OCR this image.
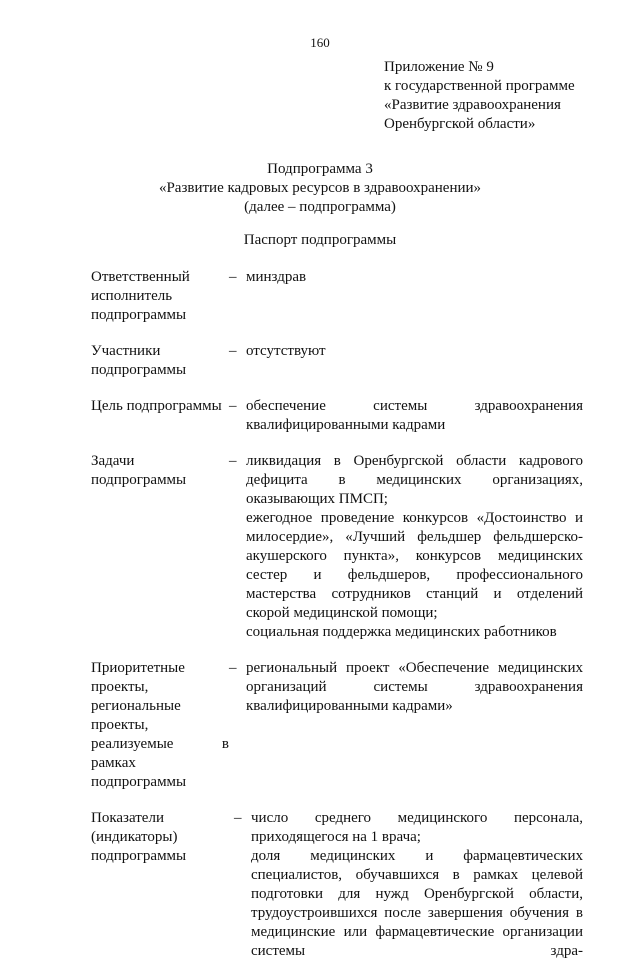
160
Приложение № 9
к государственной программе
«Развитие здравоохранения
Оренбургской области»
Подпрограмма 3
«Развитие кадровых ресурсов в здравоохранении»
(далее – подпрограмма)
Паспорт подпрограммы
Ответственный исполнитель подпрограммы
– минздрав

Участники подпрограммы
– отсутствуют

Цель подпрограммы – обеспечение системы здравоохранения квалифицированными кадрами

Задачи подпрограммы
– ликвидация в Оренбургской области кадрового дефицита в медицинских организациях, оказывающих ПМСП;

ежегодное проведение конкурсов «Достоинство и милосердие», «Лучший фельдшер фельдшерско-акушерского пункта», конкурсов медицинских сестер и фельдшеров, профессионального мастерства сотрудников станций и отделений скорой медицинской помощи;

социальная поддержка медицинских работников

Приоритетные проекты, региональные проекты, реализуемые в рамках подпрограммы
– региональный проект «Обеспечение медицинских организаций системы здравоохранения квалифицированными кадрами»

Показатели (индикаторы) подпрограммы
– число среднего медицинского персонала, приходящегося на 1 врача;

доля медицинских и фармацевтических специалистов, обучавшихся в рамках целевой подготовки для нужд Оренбургской области, трудоустроившихся после завершения обучения в медицинские или фармацевтические организации системы здра-
